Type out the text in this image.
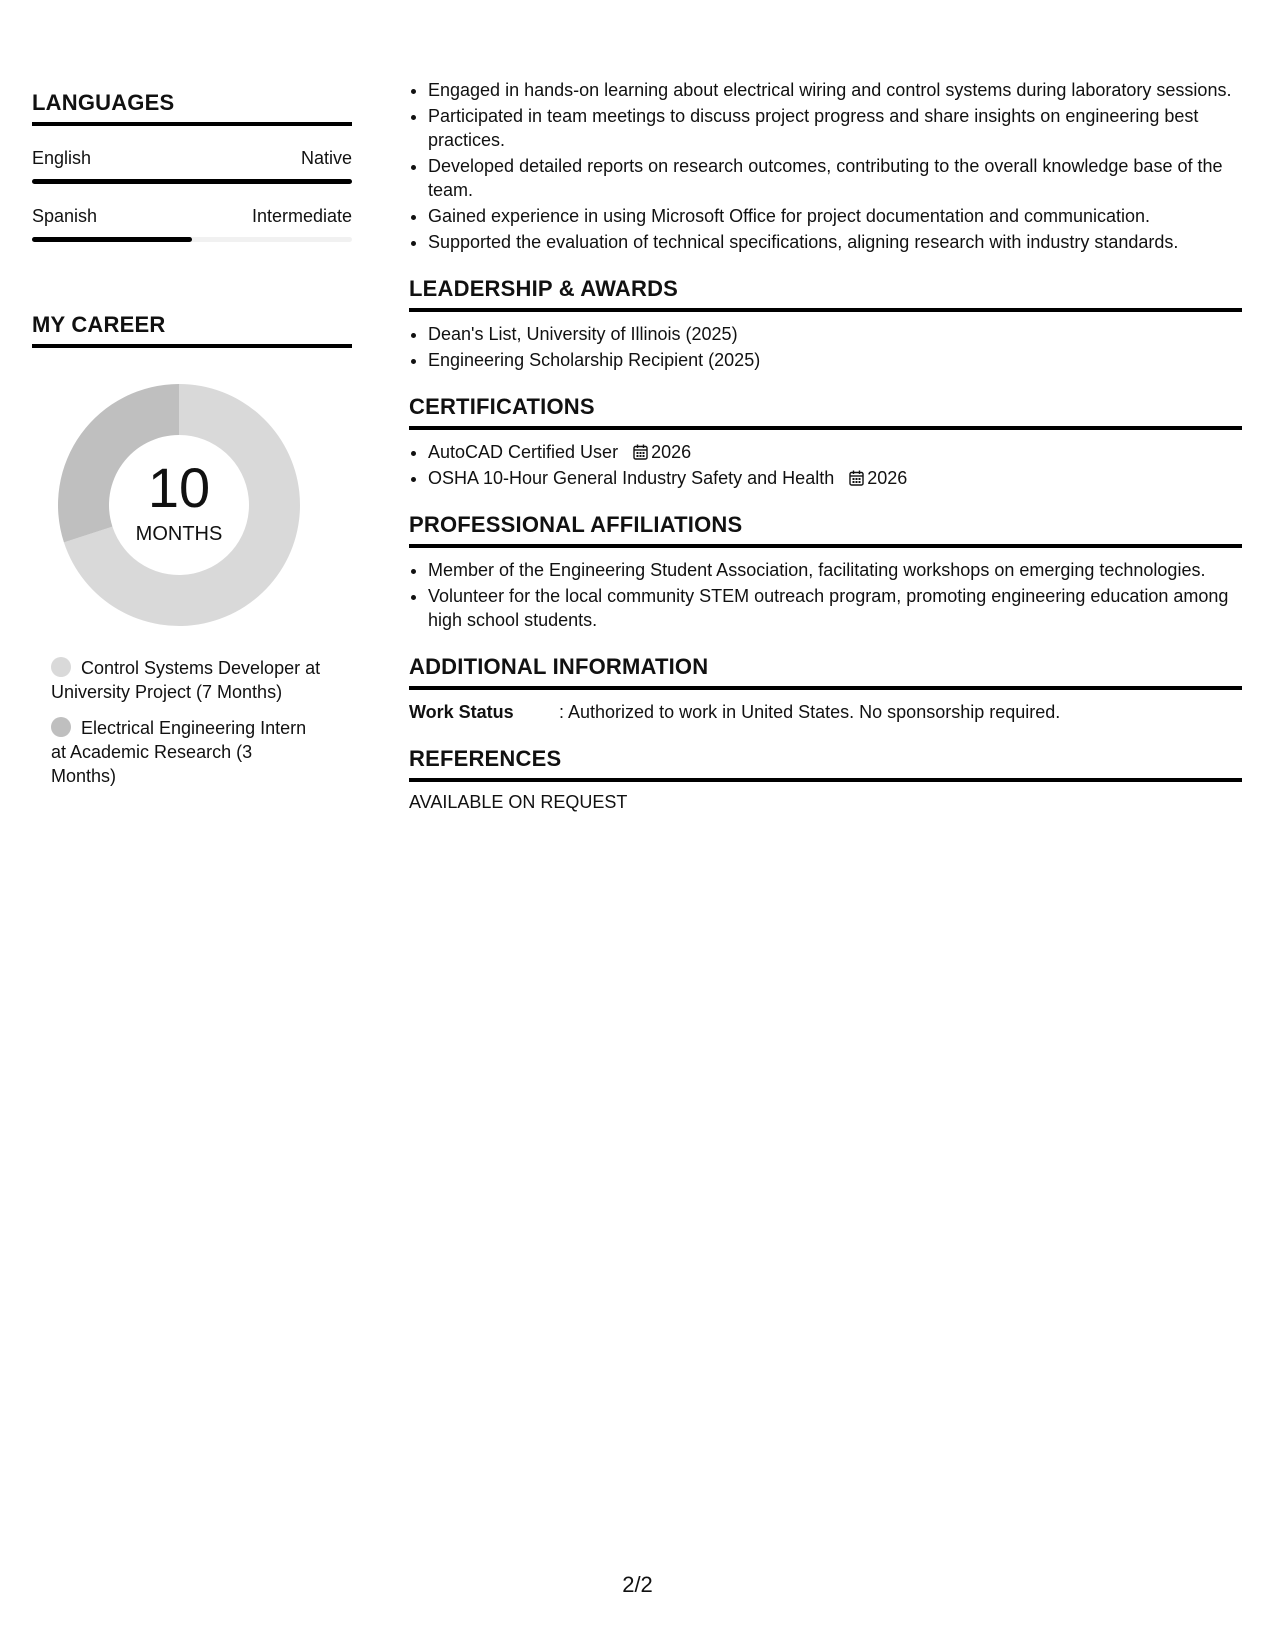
LANGUAGES
English	Native
Spanish	Intermediate
MY CAREER
10
MONTHS
Control Systems Developer at University Project (7 Months)
Electrical Engineering Intern at Academic Research (3 Months)
• Engaged in hands-on learning about electrical wiring and control systems during laboratory sessions.
• Participated in team meetings to discuss project progress and share insights on engineering best practices.
• Developed detailed reports on research outcomes, contributing to the overall knowledge base of the team.
• Gained experience in using Microsoft Office for project documentation and communication.
• Supported the evaluation of technical specifications, aligning research with industry standards.
LEADERSHIP & AWARDS
• Dean's List, University of Illinois (2025)
• Engineering Scholarship Recipient (2025)
CERTIFICATIONS
• AutoCAD Certified User 2026
• OSHA 10-Hour General Industry Safety and Health 2026
PROFESSIONAL AFFILIATIONS
• Member of the Engineering Student Association, facilitating workshops on emerging technologies.
• Volunteer for the local community STEM outreach program, promoting engineering education among high school students.
ADDITIONAL INFORMATION
Work Status	: Authorized to work in United States. No sponsorship required.
REFERENCES
AVAILABLE ON REQUEST
2/2
